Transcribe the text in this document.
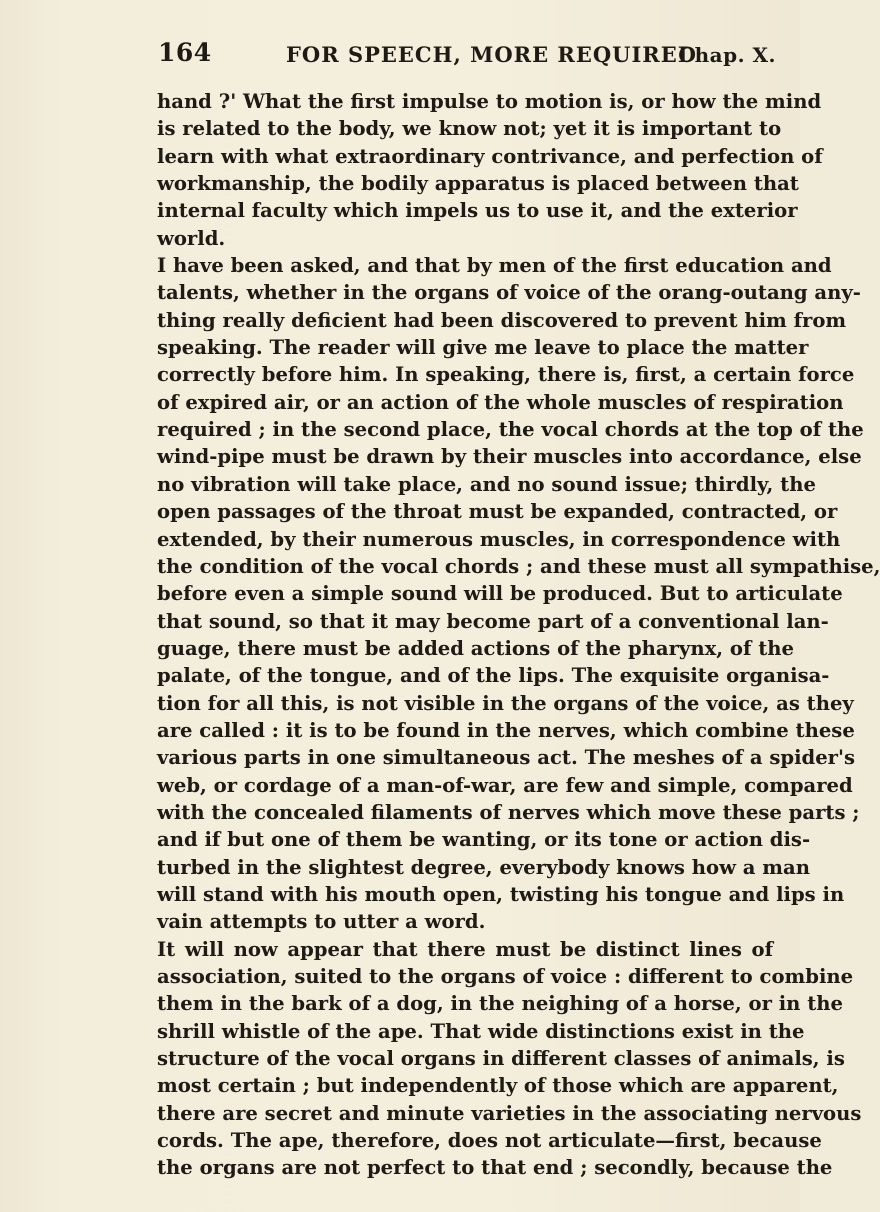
164	FOR SPEECH, MORE REQUIRED
Chap. X.
hand ?' What the first impulse to motion is, or how the mind
is related to the body, we know not; yet it is important to
learn with what extraordinary contrivance, and perfection of
workmanship, the bodily apparatus is placed between that
internal faculty which impels us to use it, and the exterior
world.
I have been asked, and that by men of the first education and
talents, whether in the organs of voice of the orang-outang any-
thing really deficient had been discovered to prevent him from
speaking. The reader will give me leave to place the matter
correctly before him. In speaking, there is, first, a certain force
of expired air, or an action of the whole muscles of respiration
required ; in the second place, the vocal chords at the top of the
wind-pipe must be drawn by their muscles into accordance, else
no vibration will take place, and no sound issue; thirdly, the
open passages of the throat must be expanded, contracted, or
extended, by their numerous muscles, in correspondence with
the condition of the vocal chords ; and these must all sympathise,
before even a simple sound will be produced. But to articulate
that sound, so that it may become part of a conventional lan-
guage, there must be added actions of the pharynx, of the
palate, of the tongue, and of the lips. The exquisite organisa-
tion for all this, is not visible in the organs of the voice, as they
are called : it is to be found in the nerves, which combine these
various parts in one simultaneous act. The meshes of a spider's
web, or cordage of a man-of-war, are few and simple, compared
with the concealed filaments of nerves which move these parts ;
and if but one of them be wanting, or its tone or action dis-
turbed in the slightest degree, everybody knows how a man
will stand with his mouth open, twisting his tongue and lips in
vain attempts to utter a word.
It will now appear that there must be distinct lines of
association, suited to the organs of voice : different to combine
them in the bark of a dog, in the neighing of a horse, or in the
shrill whistle of the ape. That wide distinctions exist in the
structure of the vocal organs in different classes of animals, is
most certain ; but independently of those which are apparent,
there are secret and minute varieties in the associating nervous
cords. The ape, therefore, does not articulate—first, because
the organs are not perfect to that end ; secondly, because the
